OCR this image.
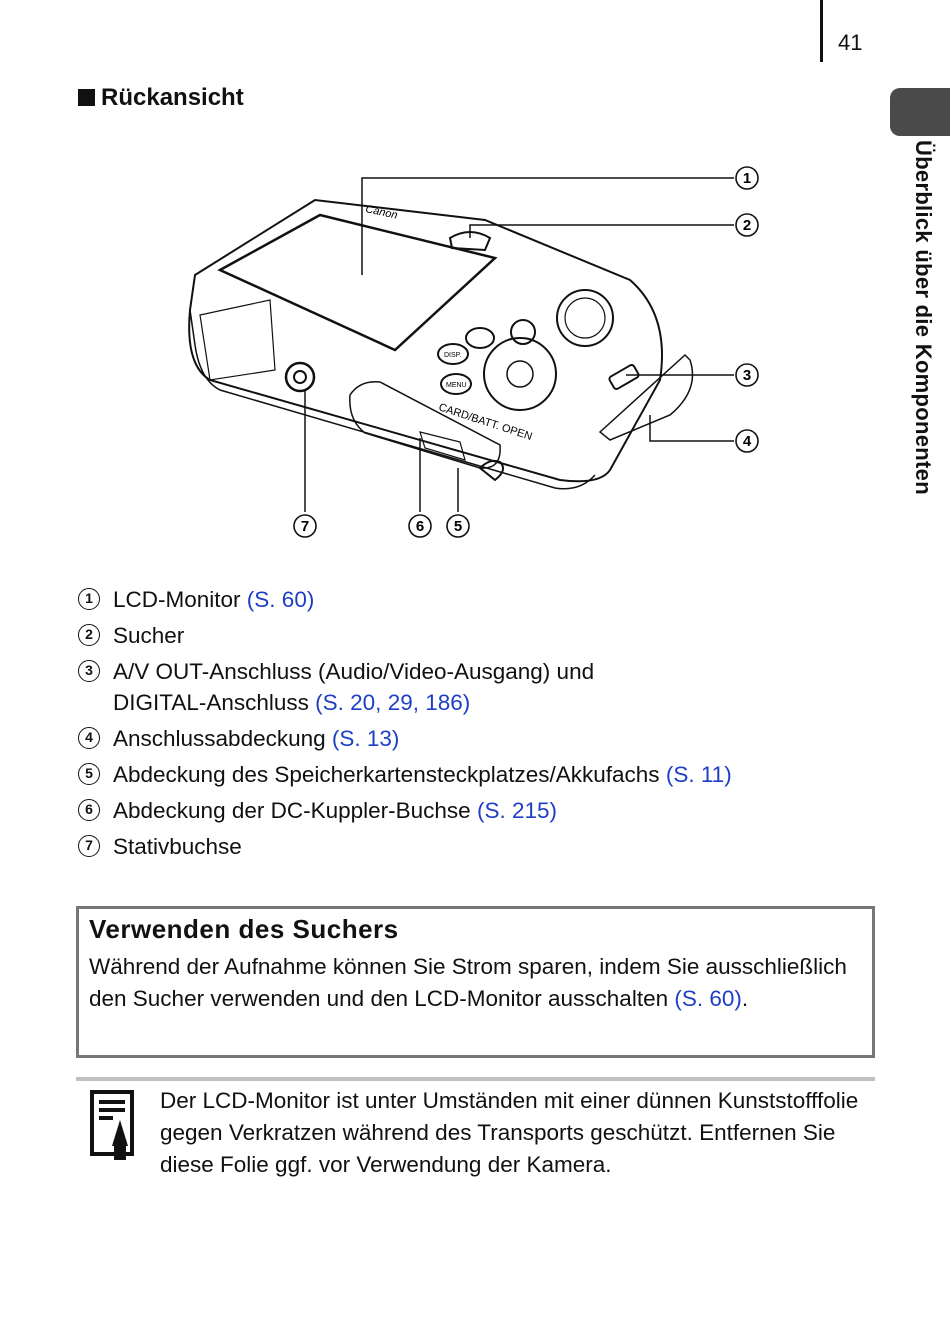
41
Überblick über die Komponenten
Rückansicht
CARD/BATT. OPEN
Canon
DISP.
MENU
1
2
3
4
5
6
7
1 LCD-Monitor (S. 60)
2 Sucher
3 A/V OUT-Anschluss (Audio/Video-Ausgang) und
DIGITAL-Anschluss (S. 20, 29, 186)
4 Anschlussabdeckung (S. 13)
5 Abdeckung des Speicherkartensteckplatzes/Akkufachs (S. 11)
6 Abdeckung der DC-Kuppler-Buchse (S. 215)
7 Stativbuchse
Verwenden des Suchers
Während der Aufnahme können Sie Strom sparen, indem Sie ausschließlich den Sucher verwenden und den LCD-Monitor ausschalten (S. 60).
Der LCD-Monitor ist unter Umständen mit einer dünnen Kunststofffolie gegen Verkratzen während des Transports geschützt. Entfernen Sie diese Folie ggf. vor Verwendung der Kamera.
